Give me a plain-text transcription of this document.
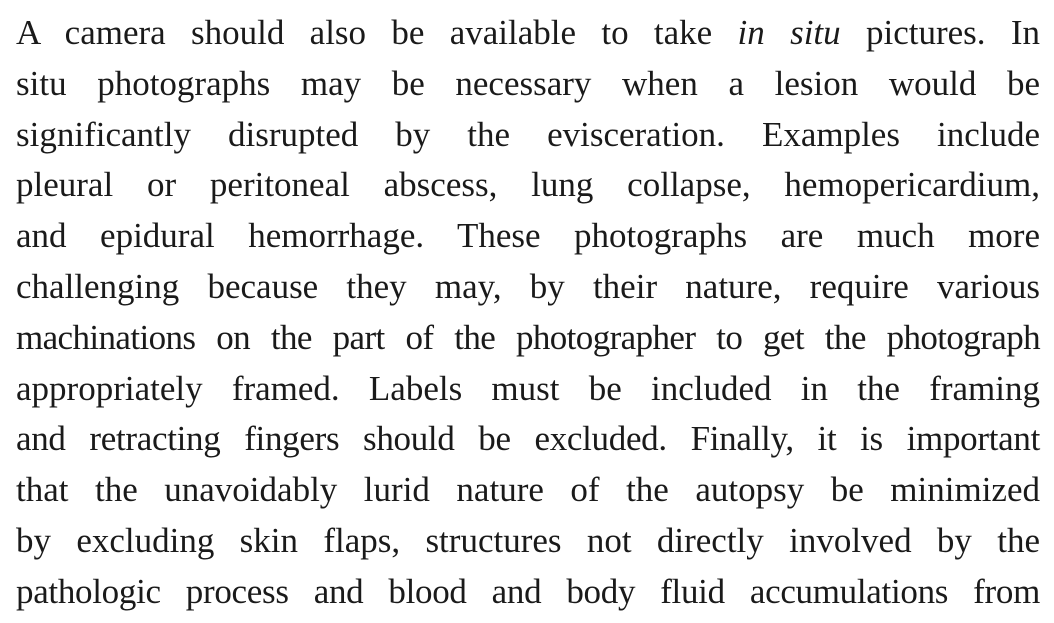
A camera should also be available to take in situ pictures. In
situ photographs may be necessary when a lesion would be
significantly disrupted by the evisceration. Examples include
pleural or peritoneal abscess, lung collapse, hemopericardium,
and epidural hemorrhage. These photographs are much more
challenging because they may, by their nature, require various
machinations on the part of the photographer to get the photograph
appropriately framed. Labels must be included in the framing
and retracting fingers should be excluded. Finally, it is important
that the unavoidably lurid nature of the autopsy be minimized
by excluding skin flaps, structures not directly involved by the
pathologic process and blood and body fluid accumulations from
